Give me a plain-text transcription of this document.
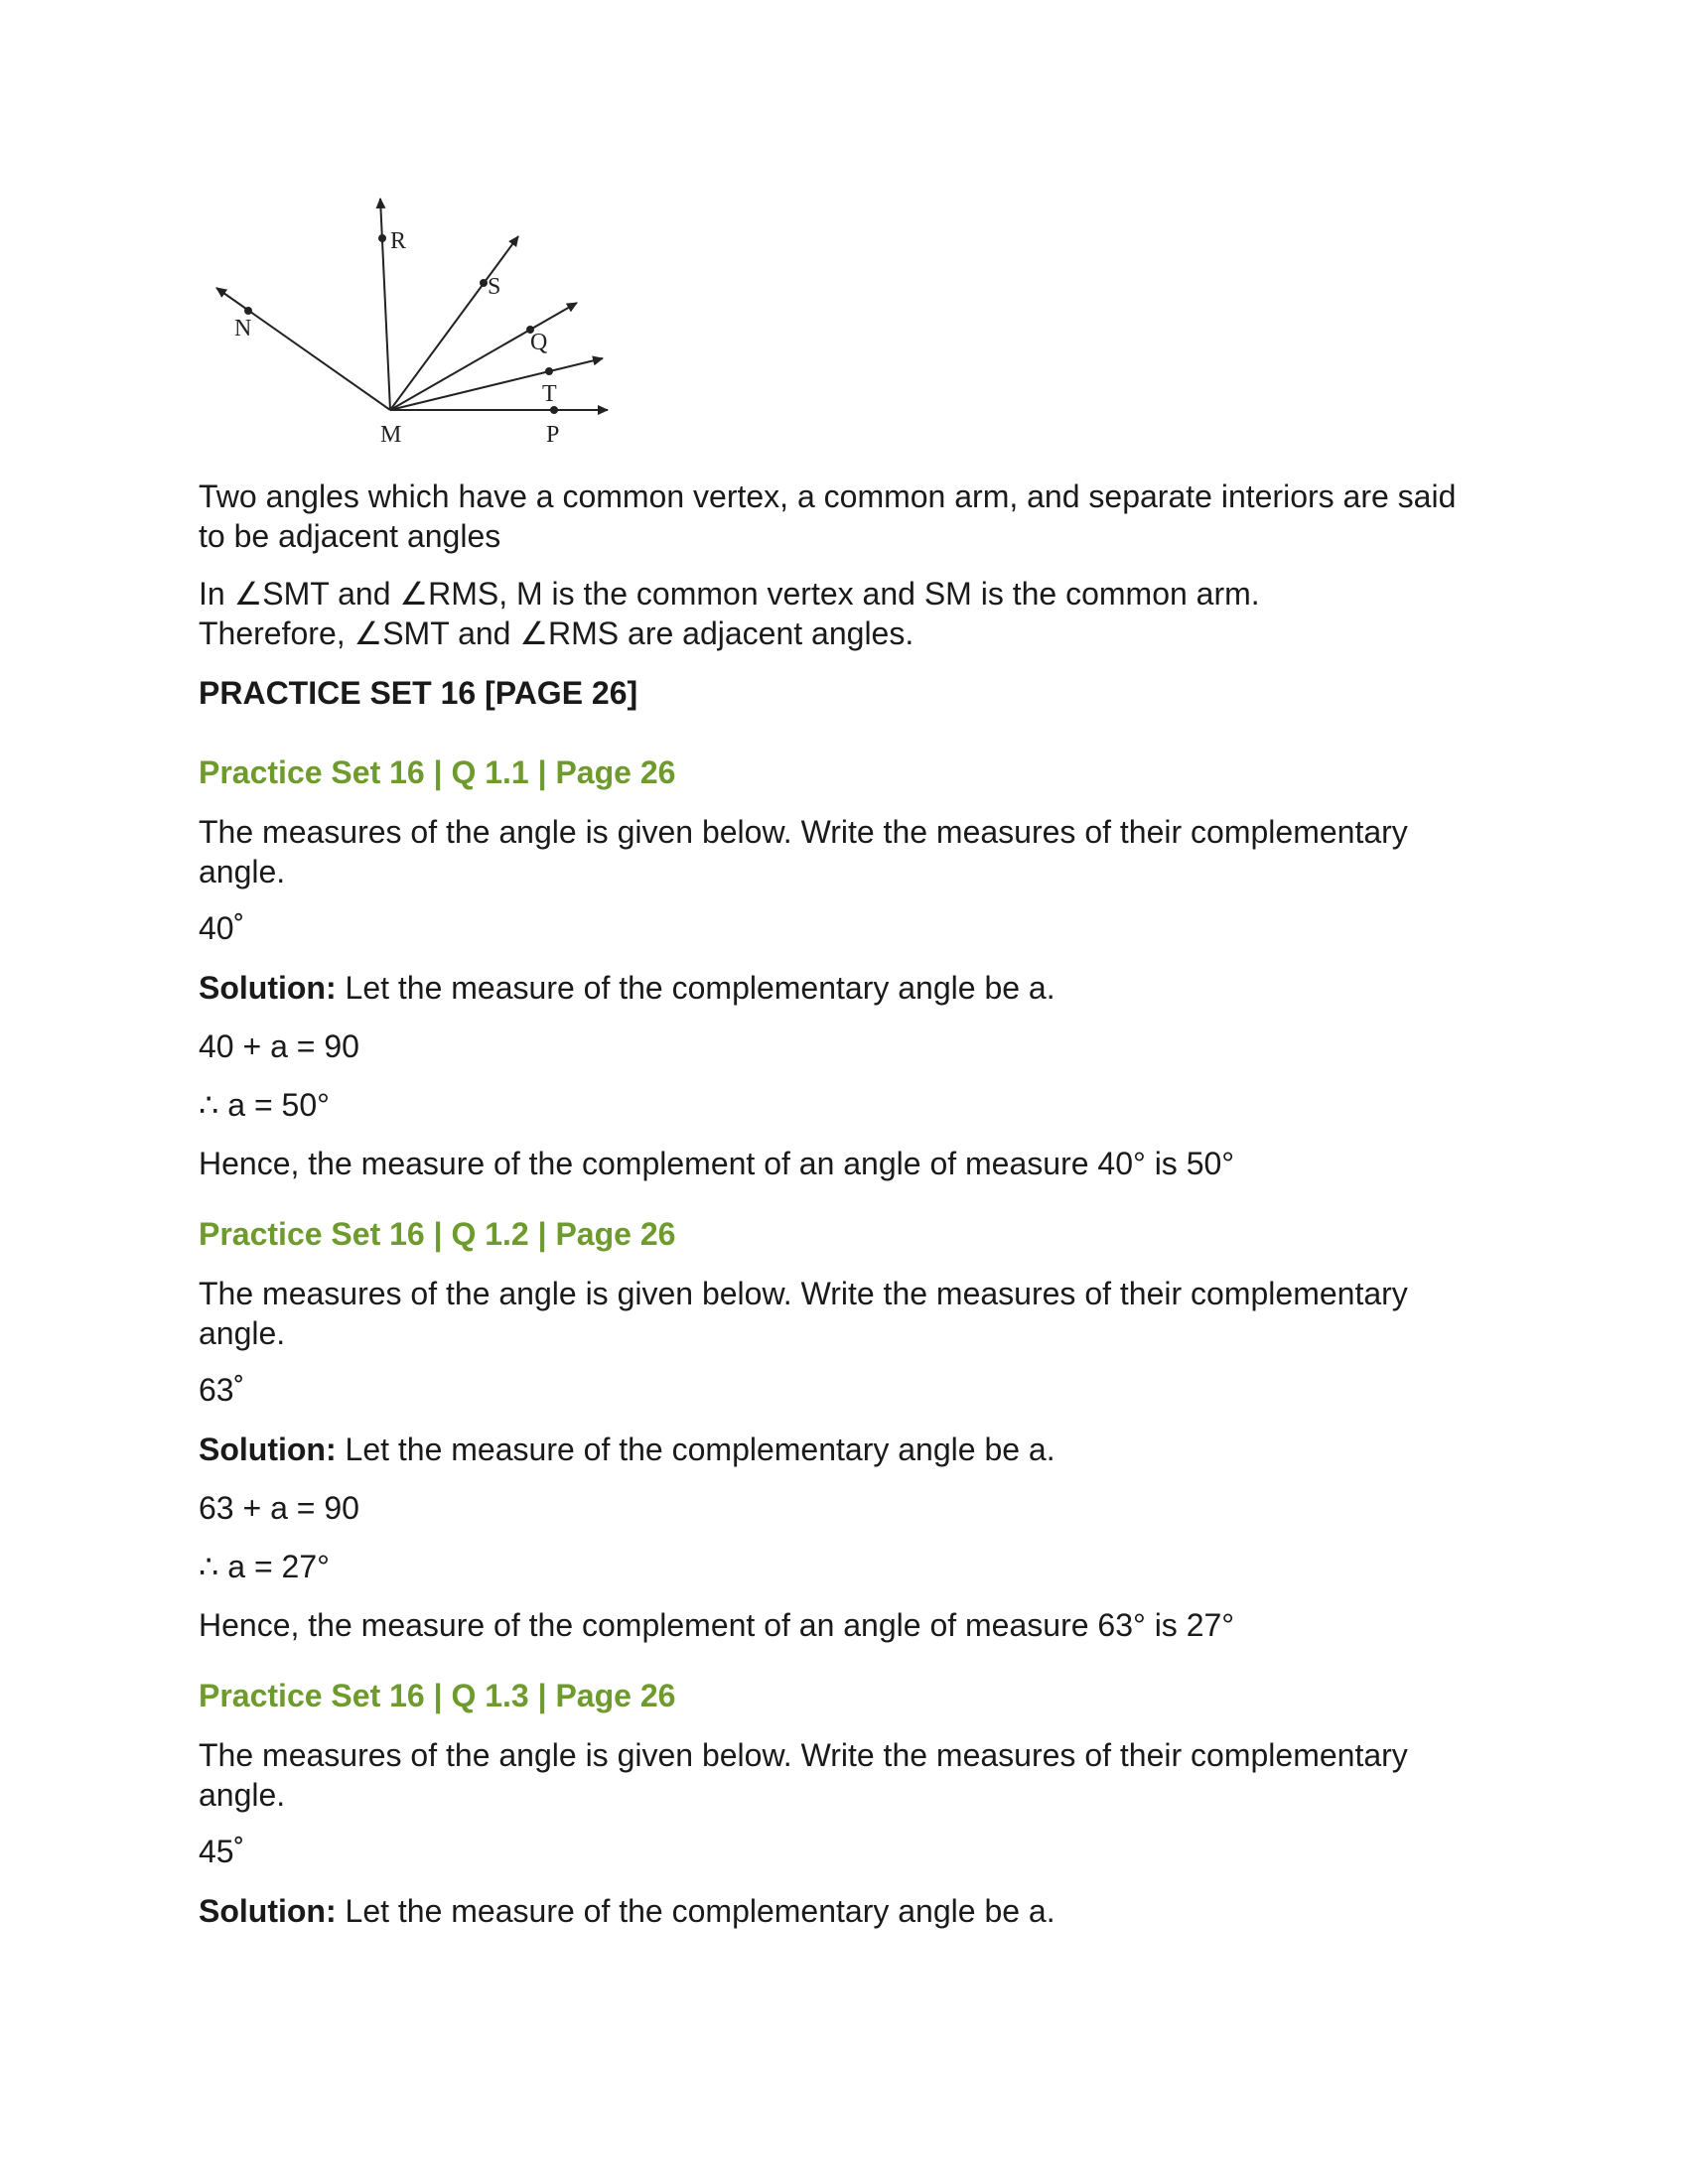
R
S
Q
N
T
M	P

Two angles which have a common vertex, a common arm, and separate interiors are said to be adjacent angles

In ∠SMT and ∠RMS, M is the common vertex and SM is the common arm.

Therefore, ∠SMT and ∠RMS are adjacent angles.

PRACTICE SET 16 [PAGE 26]

Practice Set 16 | Q 1.1 | Page 26

The measures of the angle is given below. Write the measures of their complementary angle.

40˚

Solution: Let the measure of the complementary angle be a.

40 + a = 90

∴ a = 50°

Hence, the measure of the complement of an angle of measure 40° is 50°

Practice Set 16 | Q 1.2 | Page 26

The measures of the angle is given below. Write the measures of their complementary angle.

63˚

Solution: Let the measure of the complementary angle be a.

63 + a = 90

∴ a = 27°

Hence, the measure of the complement of an angle of measure 63° is 27°

Practice Set 16 | Q 1.3 | Page 26

The measures of the angle is given below. Write the measures of their complementary angle.

45˚

Solution: Let the measure of the complementary angle be a.
